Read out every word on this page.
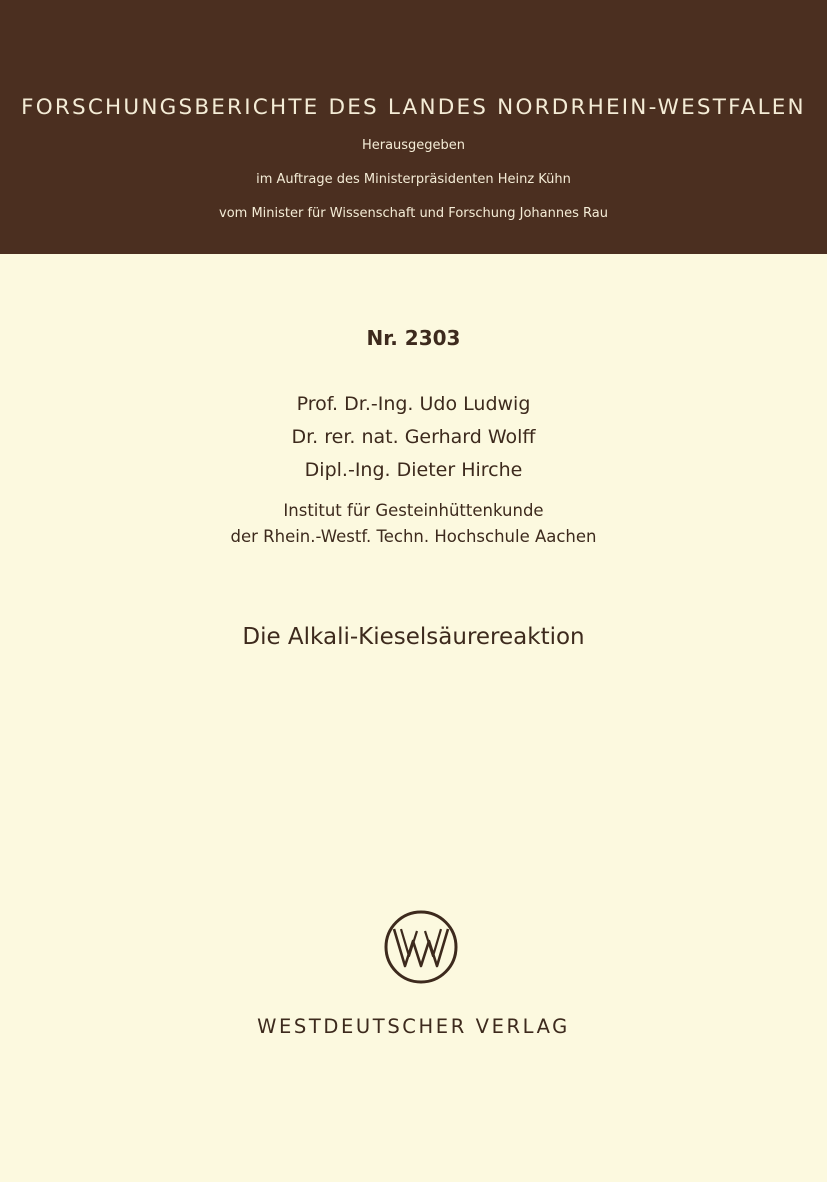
FORSCHUNGSBERICHTE DES LANDES NORDRHEIN-WESTFALEN
Herausgegeben
im Auftrage des Ministerpräsidenten Heinz Kühn
vom Minister für Wissenschaft und Forschung Johannes Rau
Nr. 2303
Prof. Dr.-Ing. Udo Ludwig
Dr. rer. nat. Gerhard Wolff
Dipl.-Ing. Dieter Hirche
Institut für Gesteinhüttenkunde
der Rhein.-Westf. Techn. Hochschule Aachen
Die Alkali-Kieselsäurereaktion
WESTDEUTSCHER VERLAG
